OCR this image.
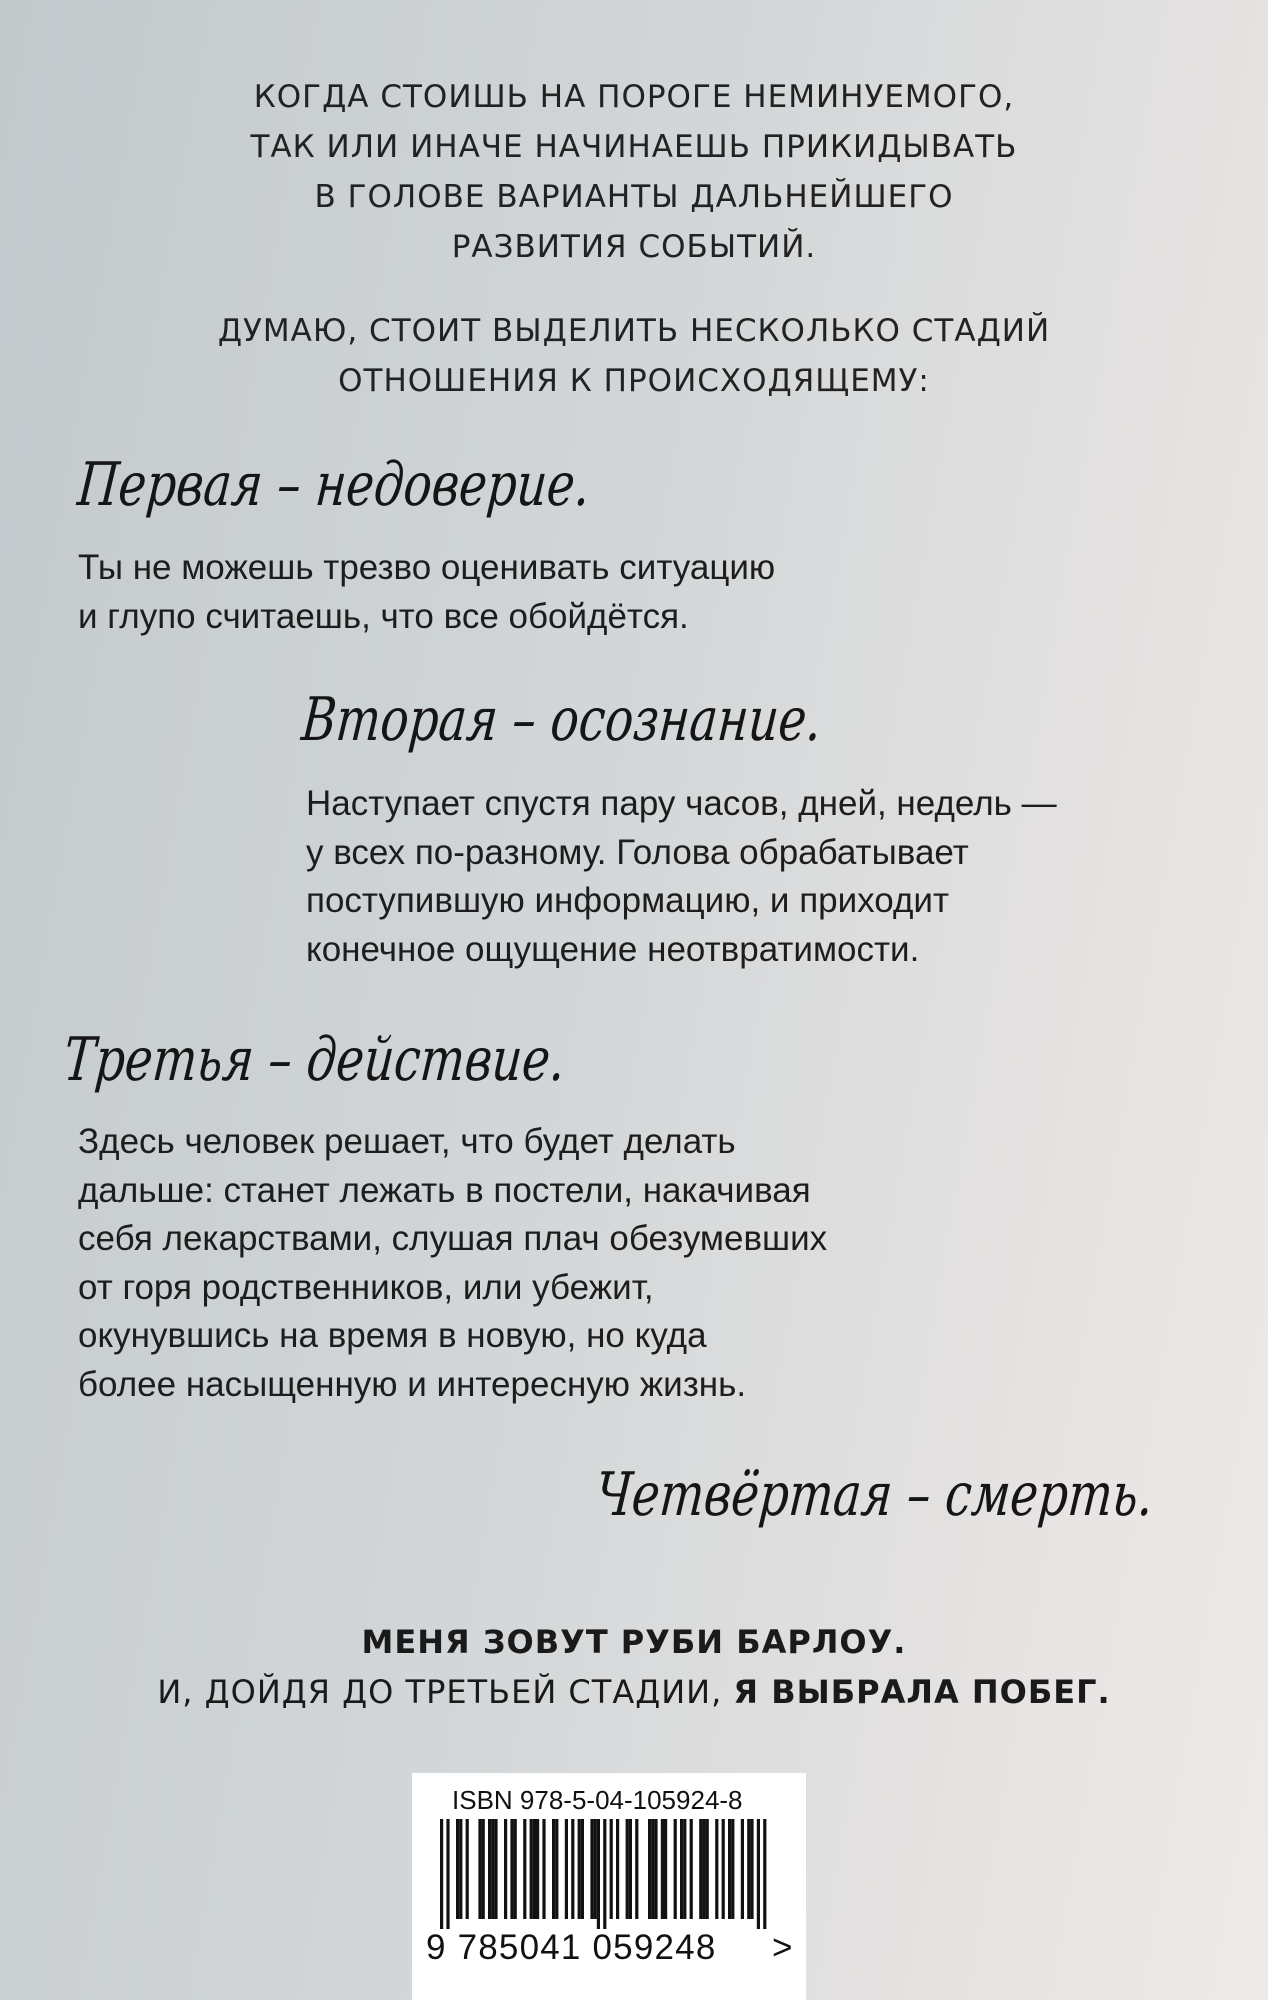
КОГДА СТОИШЬ НА ПОРОГЕ НЕМИНУЕМОГО,
ТАК ИЛИ ИНАЧЕ НАЧИНАЕШЬ ПРИКИДЫВАТЬ
В ГОЛОВЕ ВАРИАНТЫ ДАЛЬНЕЙШЕГО
РАЗВИТИЯ СОБЫТИЙ.
ДУМАЮ, СТОИТ ВЫДЕЛИТЬ НЕСКОЛЬКО СТАДИЙ
ОТНОШЕНИЯ К ПРОИСХОДЯЩЕМУ:
Первая – недоверие.
Ты не можешь трезво оценивать ситуацию
и глупо считаешь, что все обойдётся.
Вторая – осознание.
Наступает спустя пару часов, дней, недель —
у всех по-разному. Голова обрабатывает
поступившую информацию, и приходит
конечное ощущение неотвратимости.
Третья – действие.
Здесь человек решает, что будет делать
дальше: станет лежать в постели, накачивая
себя лекарствами, слушая плач обезумевших
от горя родственников, или убежит,
окунувшись на время в новую, но куда
более насыщенную и интересную жизнь.
Четвёртая – смерть.
МЕНЯ ЗОВУТ РУБИ БАРЛОУ.
И, ДОЙДЯ ДО ТРЕТЬЕЙ СТАДИИ, Я ВЫБРАЛА ПОБЕГ.
ISBN 978-5-04-105924-8
9 785041 059248 >
